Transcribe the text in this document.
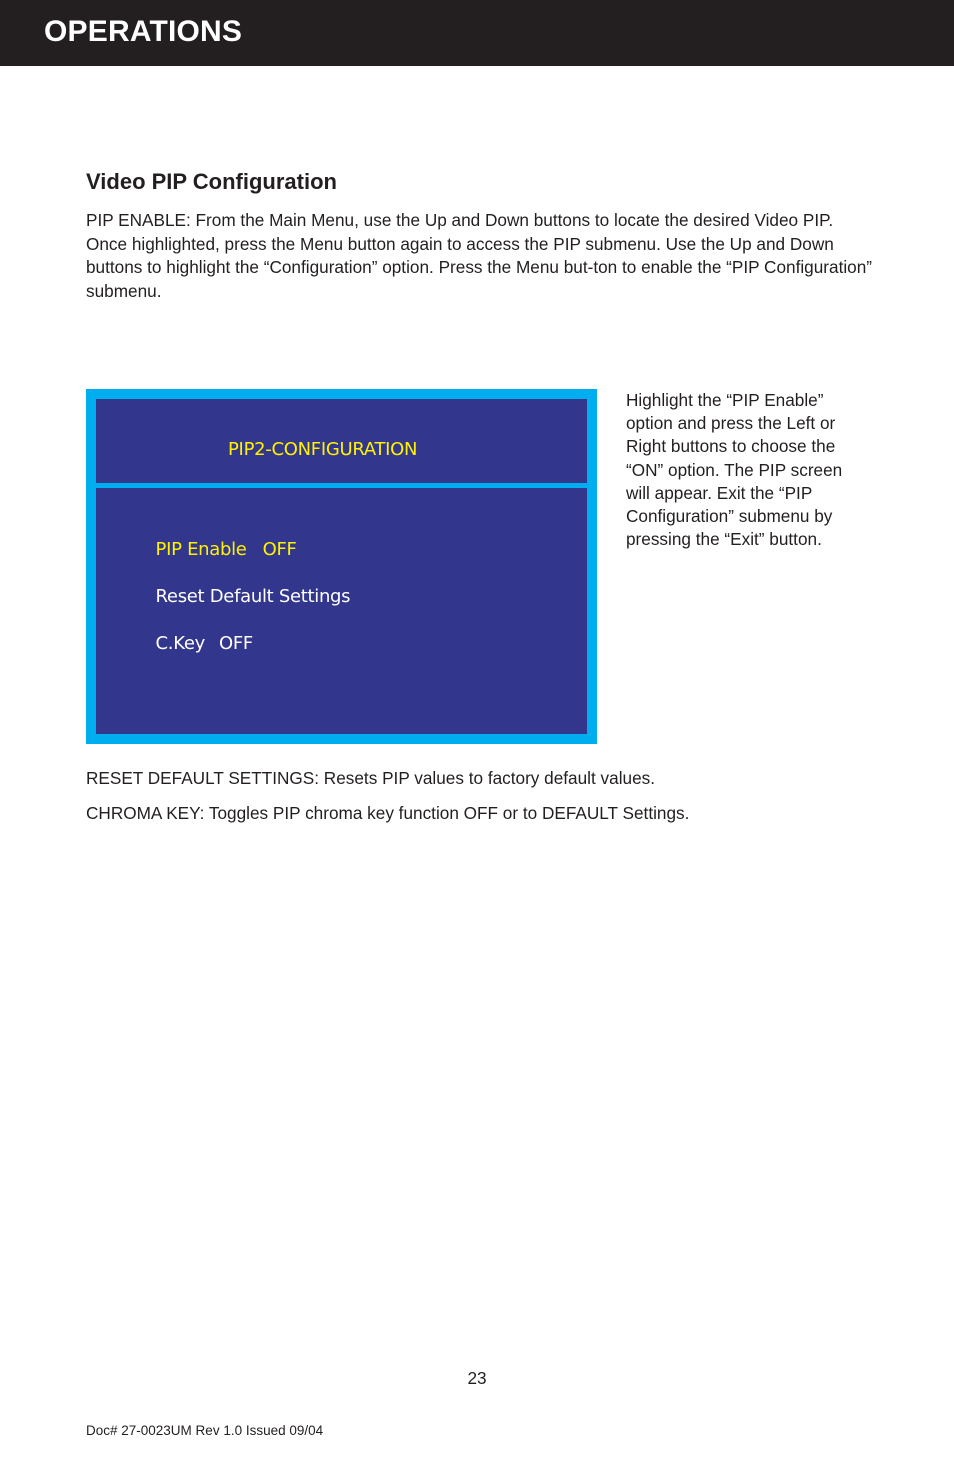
OPERATIONS
Video PIP Configuration

PIP ENABLE: From the Main Menu, use the Up and Down buttons to locate the desired Video PIP. Once highlighted, press the Menu button again to access the PIP submenu. Use the Up and Down buttons to highlight the “Configuration” option. Press the Menu but-ton to enable the “PIP Configuration” submenu.

PIP2-CONFIGURATION

PIP Enable OFF

Reset Default Settings

C.Key OFF

Highlight the “PIP Enable” option and press the Left or Right buttons to choose the “ON” option. The PIP screen will appear. Exit the “PIP Configuration” submenu by pressing the “Exit” button.

RESET DEFAULT SETTINGS: Resets PIP values to factory default values.
CHROMA KEY: Toggles PIP chroma key function OFF or to DEFAULT Settings.
23
Doc# 27-0023UM Rev 1.0 Issued 09/04
